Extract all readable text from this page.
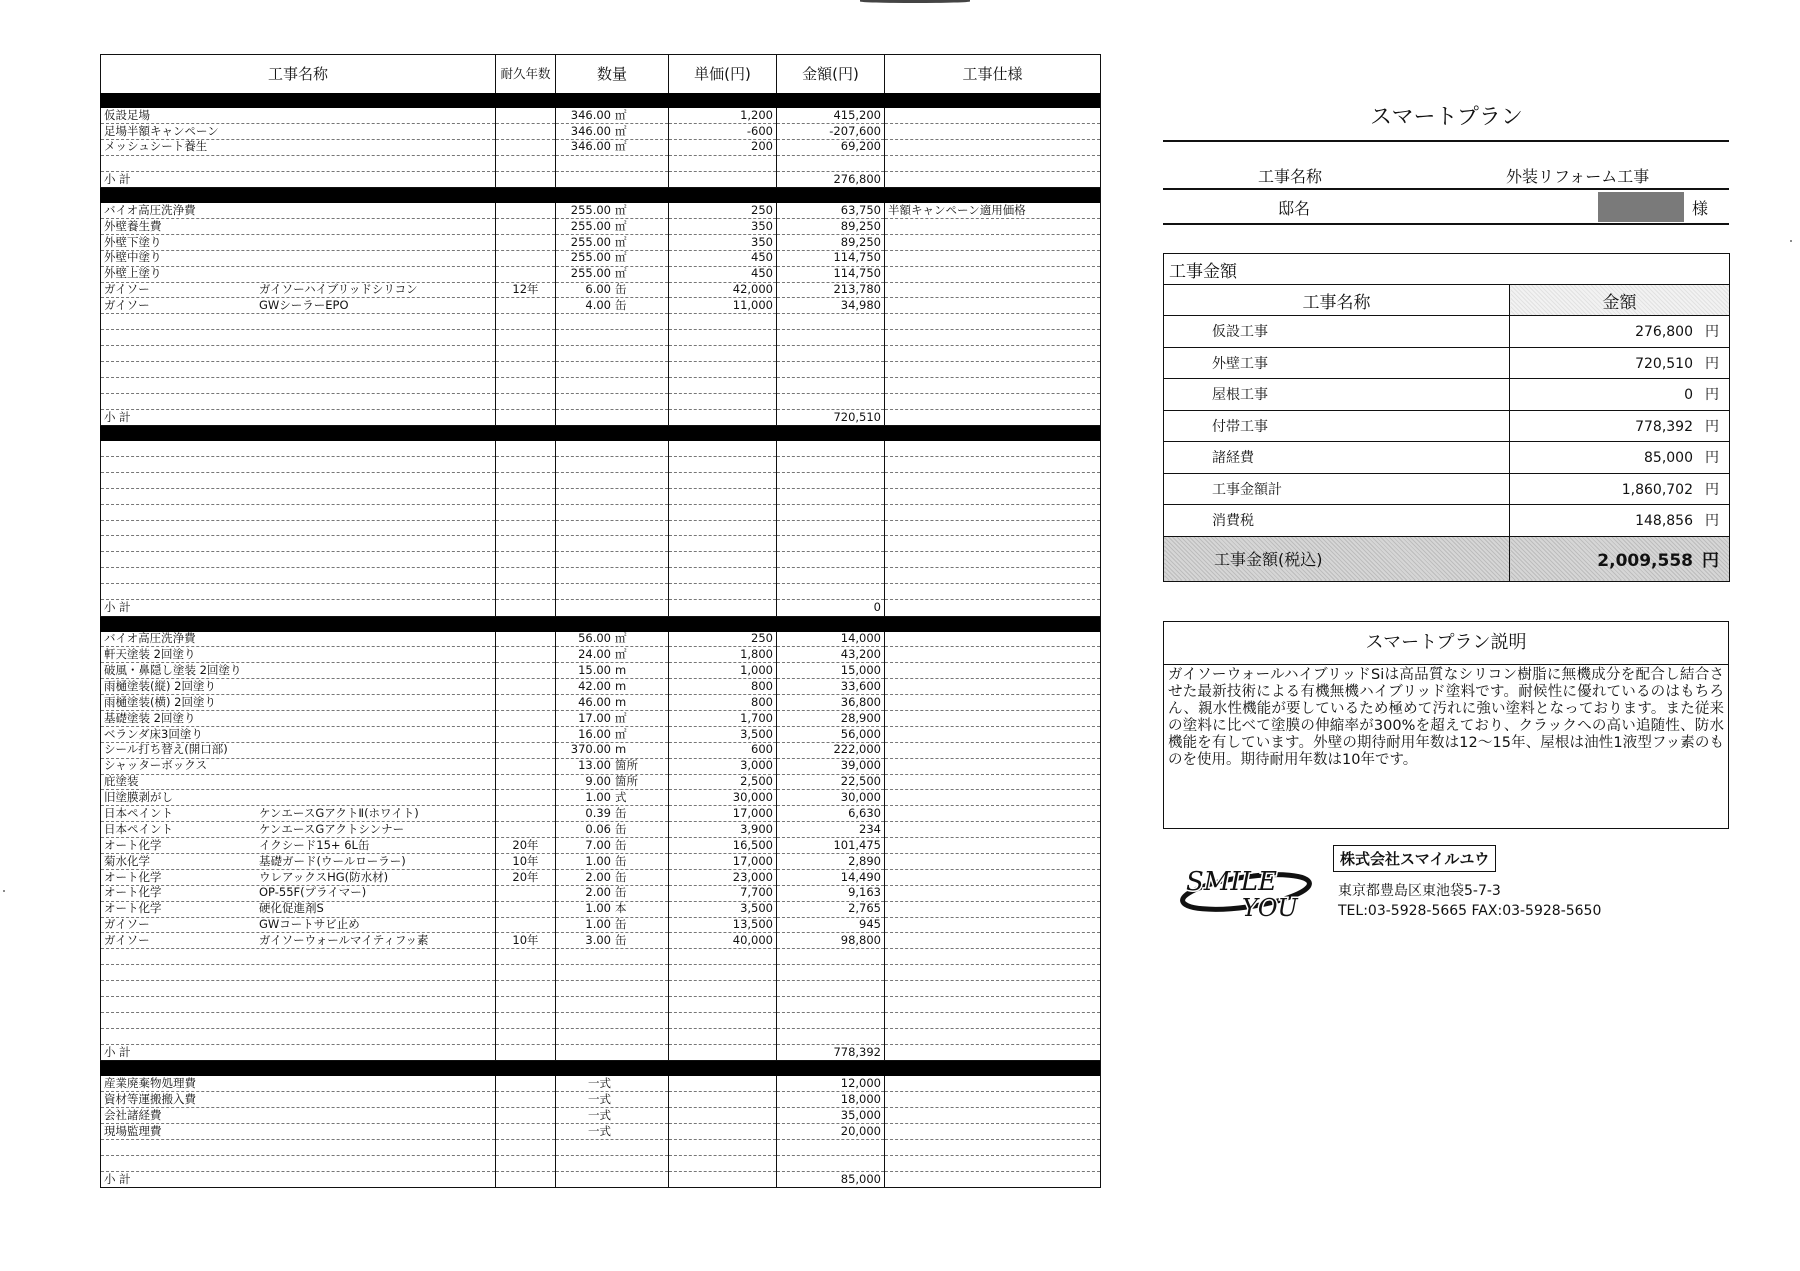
工事名称	耐久年数	数量	単価(円)	金額(円)	工事仕様

仮設足場		346.00 ㎡	1,200	415,200	
足場半額キャンペーン		346.00 ㎡	-600	-207,600	
メッシュシート養生		346.00 ㎡	200	69,200	

小 計				276,800	

バイオ高圧洗浄費		255.00 ㎡	250	63,750	半額キャンペーン適用価格
外壁養生費		255.00 ㎡	350	89,250	
外壁下塗り		255.00 ㎡	350	89,250	
外壁中塗り		255.00 ㎡	450	114,750	
外壁上塗り		255.00 ㎡	450	114,750	
ガイソー ガイソーハイブリッドシリコン	12年	6.00 缶	42,000	213,780	
ガイソー GWシーラーEPO		4.00 缶	11,000	34,980	

小 計				720,510	

小 計				0	

バイオ高圧洗浄費		56.00 ㎡	250	14,000	
軒天塗装 2回塗り		24.00 ㎡	1,800	43,200	
破風・鼻隠し塗装 2回塗り		15.00 m	1,000	15,000	
雨樋塗装(縦) 2回塗り		42.00 m	800	33,600	
雨樋塗装(横) 2回塗り		46.00 m	800	36,800	
基礎塗装 2回塗り		17.00 ㎡	1,700	28,900	
ベランダ床3回塗り		16.00 ㎡	3,500	56,000	
シール打ち替え(開口部)		370.00 m	600	222,000	
シャッターボックス		13.00 箇所	3,000	39,000	
庇塗装		9.00 箇所	2,500	22,500	
旧塗膜剥がし		1.00 式	30,000	30,000	
日本ペイント ケンエースGアクトⅡ(ホワイト)		0.39 缶	17,000	6,630	
日本ペイント ケンエースGアクトシンナー		0.06 缶	3,900	234	
オート化学 イクシード15+ 6L缶	20年	7.00 缶	16,500	101,475	
菊水化学 基礎ガード(ウールローラー)	10年	1.00 缶	17,000	2,890	
オート化学 ウレアックスHG(防水材)	20年	2.00 缶	23,000	14,490	
オート化学 OP-55F(プライマー)		2.00 缶	7,700	9,163	
オート化学 硬化促進剤S		1.00 本	3,500	2,765	
ガイソー GWコートサビ止め		1.00 缶	13,500	945	
ガイソー ガイソーウォールマイティフッ素	10年	3.00 缶	40,000	98,800	

小 計				778,392	

産業廃棄物処理費		一式		12,000	
資材等運搬搬入費		一式		18,000	
会社諸経費		一式		35,000	
現場監理費		一式		20,000	

小 計				85,000	
スマートプラン
工事名称	外装リフォーム工事
邸名	様
工事金額	
工事名称	金額
仮設工事	276,800 円
外壁工事	720,510 円
屋根工事	0 円
付帯工事	778,392 円
諸経費	85,000 円
工事金額計	1,860,702 円
消費税	148,856 円
工事金額(税込)	2,009,558 円
スマートプラン説明
ガイソーウォールハイブリッドSiは高品質なシリコン樹脂に無機成分を配合し結合させた最新技術による有機無機ハイブリッド塗料です。耐候性に優れているのはもちろん、親水性機能が要しているため極めて汚れに強い塗料となっております。また従来の塗料に比べて塗膜の伸縮率が300%を超えており、クラックへの高い追随性、防水機能を有しています。外壁の期待耐用年数は12〜15年、屋根は油性1液型フッ素のものを使用。期待耐用年数は10年です。
SMILE
YOU
株式会社スマイルユウ
東京都豊島区東池袋5-7-3
TEL:03-5928-5665 FAX:03-5928-5650
